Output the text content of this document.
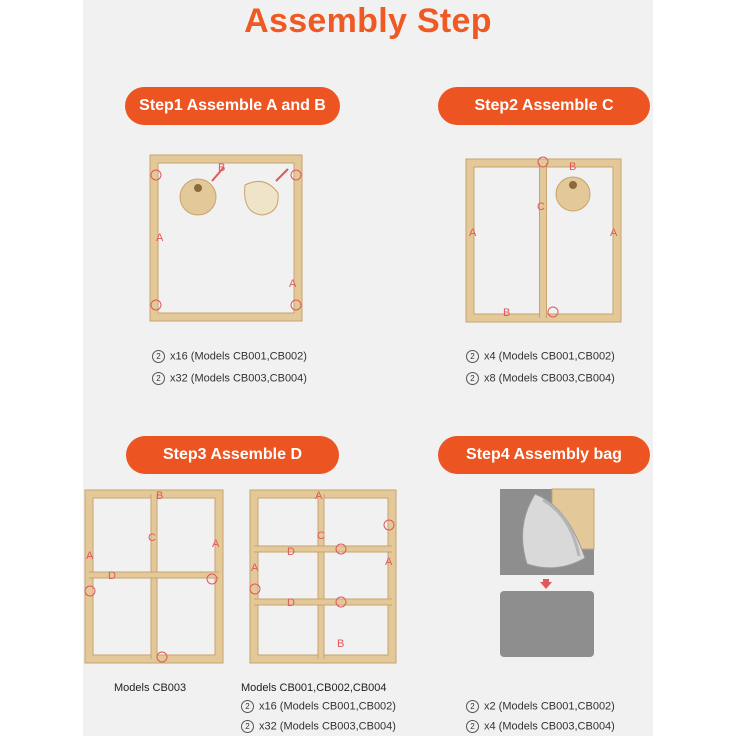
Assembly Step
Step1 Assemble A and B	Step2 Assemble C
Step3 Assemble D	Step4 Assembly bag
B
A
A
B
C
A	A
B
2 x16 (Models CB001,CB002)
2 x32 (Models CB003,CB004)
2 x4 (Models CB001,CB002)
2 x8 (Models CB003,CB004)
B
C
A
A
D
A
C
D
A	A
D
B
Models CB003	Models CB001,CB002,CB004
2 x16 (Models CB001,CB002)
2 x32 (Models CB003,CB004)
2 x2 (Models CB001,CB002)
2 x4 (Models CB003,CB004)
